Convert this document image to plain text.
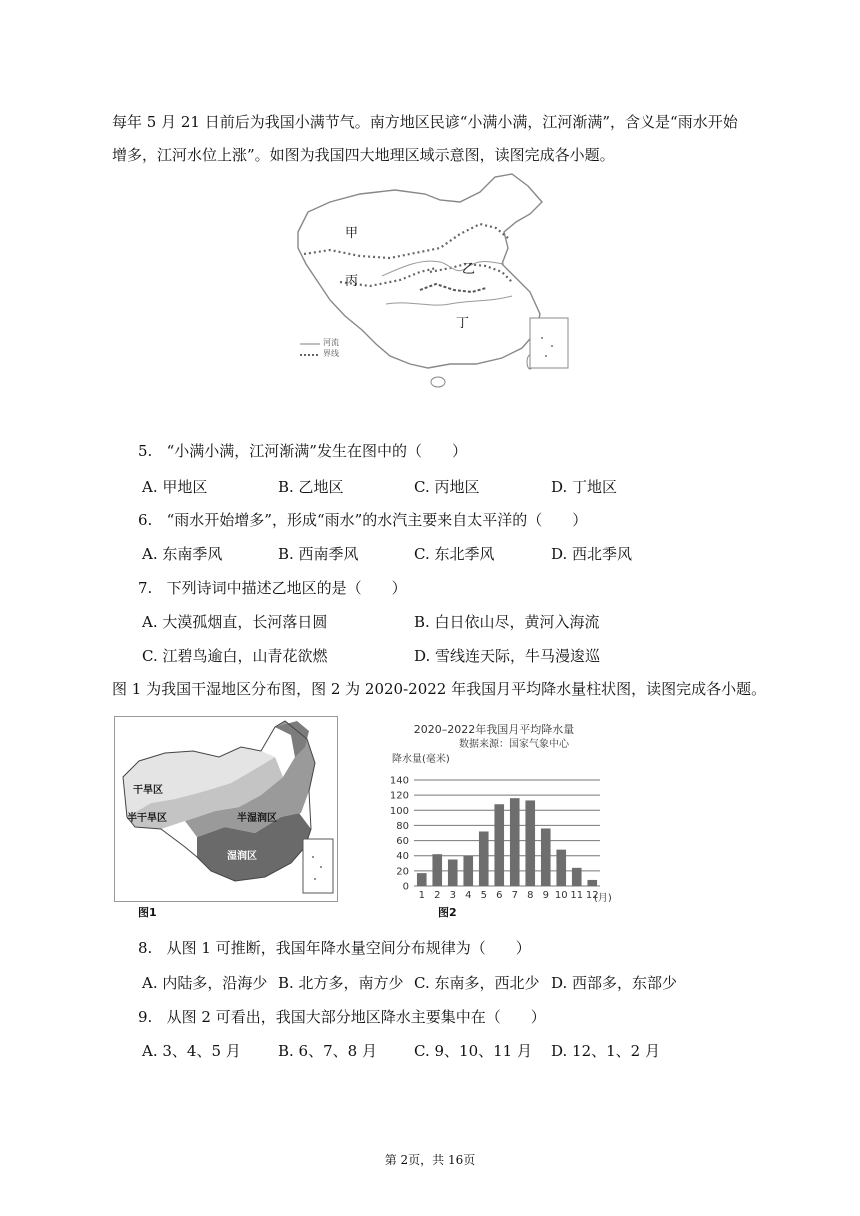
每年 5 月 21 日前后为我国小满节气。南方地区民谚“小满小满，江河渐满”，含义是“雨水开始
增多，江河水位上涨”。如图为我国四大地理区域示意图，读图完成各小题。
甲
乙
丙
丁
河流
界线
5. “小满小满，江河渐满”发生在图中的（　　）
A. 甲地区	B. 乙地区	C. 丙地区	D. 丁地区
6. “雨水开始增多”，形成“雨水”的水汽主要来自太平洋的（　　）
A. 东南季风	B. 西南季风	C. 东北季风	D. 西北季风
7. 下列诗词中描述乙地区的是（　　）
A. 大漠孤烟直，长河落日圆	B. 白日依山尽，黄河入海流
C. 江碧鸟逾白，山青花欲燃	D. 雪线连天际，牛马漫逡巡
图 1 为我国干湿地区分布图，图 2 为 2020-2022 年我国月平均降水量柱状图，读图完成各小题。
干旱区
半干旱区	半湿润区
湿润区
图1
2020–2022年我国月平均降水量
数据来源：国家气象中心
降水量(毫米)
0
20
40
60
80
100
120
140
1 2 3 4 5 6 7 8 9 10 11 12
(月)
图2
8. 从图 1 可推断，我国年降水量空间分布规律为（　　）
A. 内陆多，沿海少 B. 北方多，南方少 C. 东南多，西北少 D. 西部多，东部少
9. 从图 2 可看出，我国大部分地区降水主要集中在（　　）
A. 3、4、5 月 B. 6、7、8 月 C. 9、10、11 月 D. 12、1、2 月
第 2页，共 16页
